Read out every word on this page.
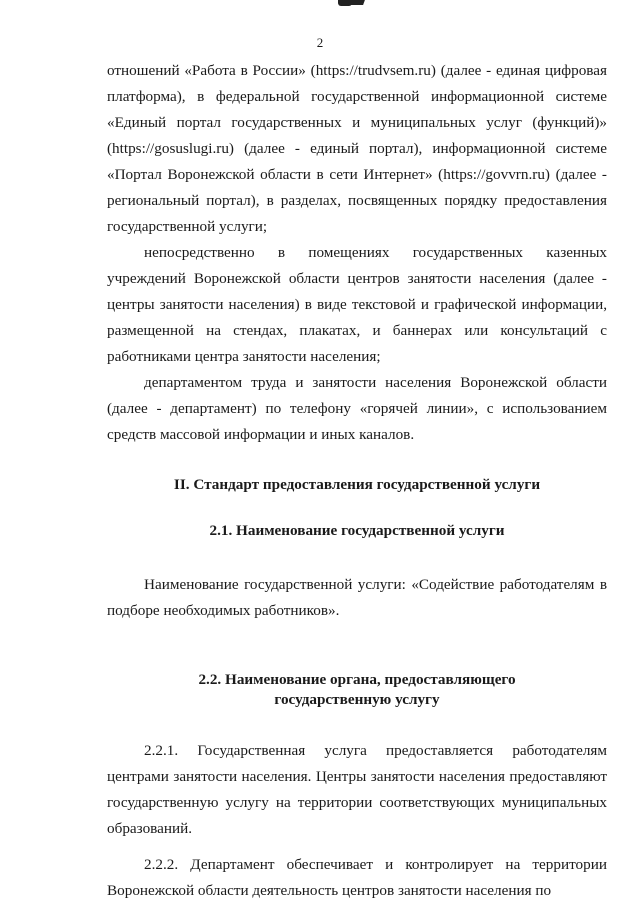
2

отношений «Работа в России» (https://trudvsem.ru) (далее - единая цифровая платформа), в федеральной государственной информационной системе «Единый портал государственных и муниципальных услуг (функций)» (https://gosuslugi.ru) (далее - единый портал), информационной системе «Портал Воронежской области в сети Интернет» (https://govvrn.ru) (далее - региональный портал), в разделах, посвященных порядку предоставления государственной услуги;

непосредственно в помещениях государственных казенных учреждений Воронежской области центров занятости населения (далее - центры занятости населения) в виде текстовой и графической информации, размещенной на стендах, плакатах, и баннерах или консультаций с работниками центра занятости населения;

департаментом труда и занятости населения Воронежской области (далее - департамент) по телефону «горячей линии», с использованием средств массовой информации и иных каналов.

II. Стандарт предоставления государственной услуги
2.1. Наименование государственной услуги

Наименование государственной услуги: «Содействие работодателям в подборе необходимых работников».

2.2. Наименование органа, предоставляющего
государственную услугу

2.2.1. Государственная услуга предоставляется работодателям центрами занятости населения. Центры занятости населения предоставляют государственную услугу на территории соответствующих муниципальных образований.

2.2.2. Департамент обеспечивает и контролирует на территории Воронежской области деятельность центров занятости населения по
